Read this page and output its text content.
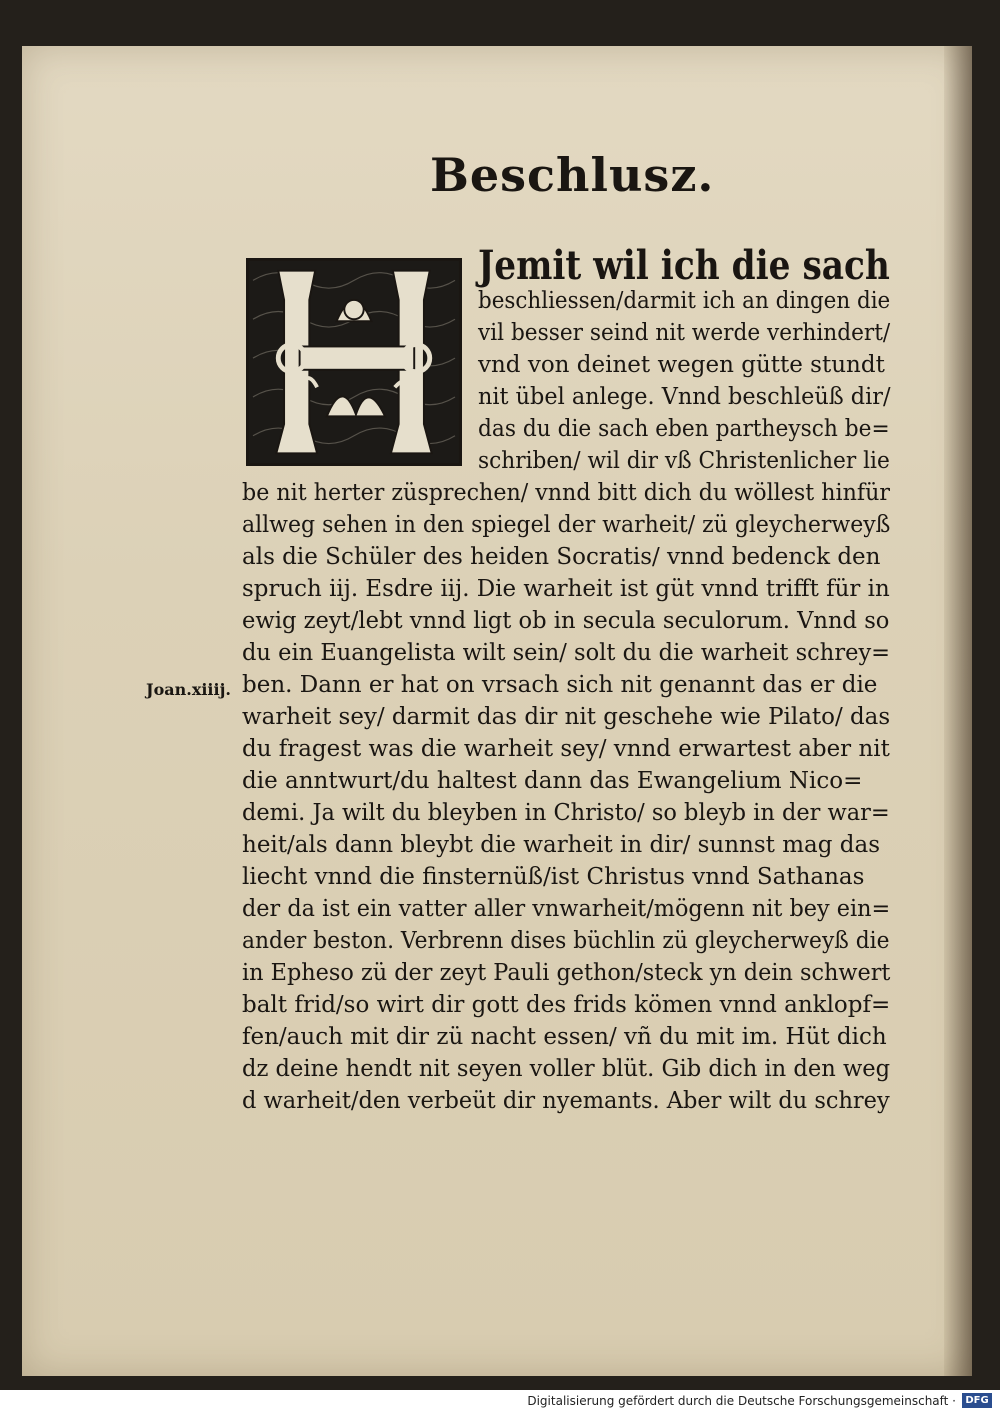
Beschlusz.
Joan.xiiij.
Jemit wil ich die sach
beschliessen/darmit ich an dingen die
vil besser seind nit werde verhindert/
vnd von deinet wegen gütte stundt
nit übel anlege. Vnnd beschleüß dir/
das du die sach eben partheysch be=
schriben/ wil dir vß Christenlicher lie
be nit herter züsprechen/ vnnd bitt dich du wöllest hinfür
allweg sehen in den spiegel der warheit/ zü gleycherweyß
als die Schüler des heiden Socratis/ vnnd bedenck den
spruch iij. Esdre iij. Die warheit ist güt vnnd trifft für in
ewig zeyt/lebt vnnd ligt ob in secula seculorum. Vnnd so
du ein Euangelista wilt sein/ solt du die warheit schrey=
ben. Dann er hat on vrsach sich nit genannt das er die
warheit sey/ darmit das dir nit geschehe wie Pilato/ das
du fragest was die warheit sey/ vnnd erwartest aber nit
die anntwurt/du haltest dann das Ewangelium Nico=
demi. Ja wilt du bleyben in Christo/ so bleyb in der war=
heit/als dann bleybt die warheit in dir/ sunnst mag das
liecht vnnd die finsternüß/ist Christus vnnd Sathanas
der da ist ein vatter aller vnwarheit/mögenn nit bey ein=
ander beston. Verbrenn dises büchlin zü gleycherweyß die
in Epheso zü der zeyt Pauli gethon/steck yn dein schwert
balt frid/so wirt dir gott des frids kömen vnnd anklopf=
fen/auch mit dir zü nacht essen/ vñ du mit im. Hüt dich
dz deine hendt nit seyen voller blüt. Gib dich in den weg
d warheit/den verbeüt dir nyemants. Aber wilt du schrey
Digitalisierung gefördert durch die Deutsche Forschungsgemeinschaft · DFG
